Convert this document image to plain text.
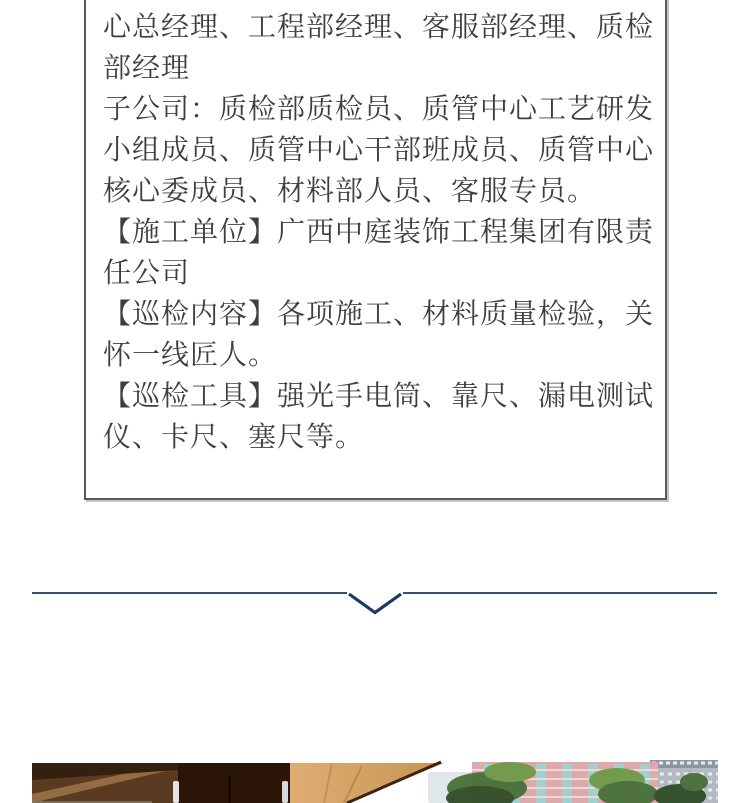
心总经理、工程部经理、客服部经理、质检
部经理
子公司：质检部质检员、质管中心工艺研发
小组成员、质管中心干部班成员、质管中心
核心委成员、材料部人员、客服专员。
【施工单位】广西中庭装饰工程集团有限责
任公司
【巡检内容】各项施工、材料质量检验，关
怀一线匠人。
【巡检工具】强光手电筒、靠尺、漏电测试
仪、卡尺、塞尺等。
